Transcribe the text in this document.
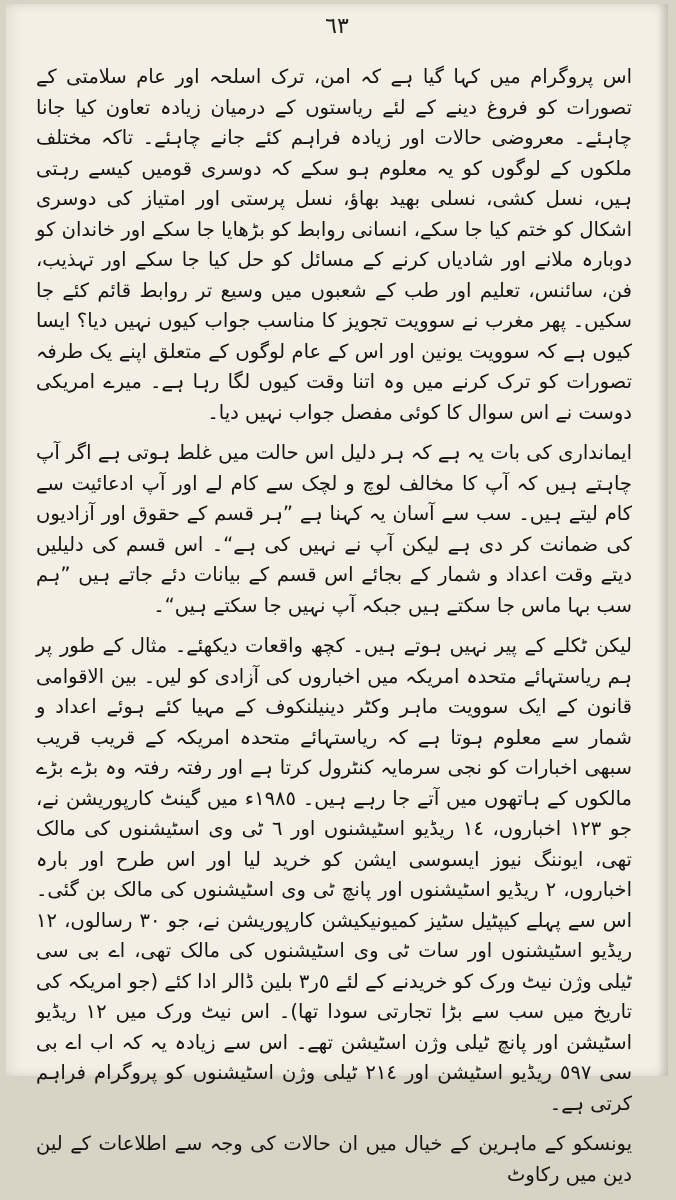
٦٣

اس پروگرام میں کہا گیا ہے کہ امن، ترک اسلحہ اور عام سلامتی کے تصورات کو فروغ دینے کے لئے ریاستوں کے درمیان زیادہ تعاون کیا جانا چاہئے۔ معروضی حالات اور زیادہ فراہم کئے جانے چاہئے۔ تاکہ مختلف ملکوں کے لوگوں کو یہ معلوم ہو سکے کہ دوسری قومیں کیسے رہتی ہیں، نسل کشی، نسلی بھید بھاؤ، نسل پرستی اور امتیاز کی دوسری اشکال کو ختم کیا جا سکے، انسانی روابط کو بڑھایا جا سکے اور خاندان کو دوبارہ ملانے اور شادیاں کرنے کے مسائل کو حل کیا جا سکے اور تہذیب، فن، سائنس، تعلیم اور طب کے شعبوں میں وسیع تر روابط قائم کئے جا سکیں۔ پھر مغرب نے سوویت تجویز کا مناسب جواب کیوں نہیں دیا؟ ایسا کیوں ہے کہ سوویت یونین اور اس کے عام لوگوں کے متعلق اپنے یک طرفہ تصورات کو ترک کرنے میں وہ اتنا وقت کیوں لگا رہا ہے۔ میرے امریکی دوست نے اس سوال کا کوئی مفصل جواب نہیں دیا۔

ایمانداری کی بات یہ ہے کہ ہر دلیل اس حالت میں غلط ہوتی ہے اگر آپ چاہتے ہیں کہ آپ کا مخالف لوچ و لچک سے کام لے اور آپ ادعائیت سے کام لیتے ہیں۔ سب سے آسان یہ کہنا ہے ”ہر قسم کے حقوق اور آزادیوں کی ضمانت کر دی ہے لیکن آپ نے نہیں کی ہے“۔ اس قسم کی دلیلیں دیتے وقت اعداد و شمار کے بجائے اس قسم کے بیانات دئے جاتے ہیں ”ہم سب بہا ماس جا سکتے ہیں جبکہ آپ نہیں جا سکتے ہیں“۔

لیکن ٹکلے کے پیر نہیں ہوتے ہیں۔ کچھ واقعات دیکھئے۔ مثال کے طور پر ہم ریاستہائے متحدہ امریکہ میں اخباروں کی آزادی کو لیں۔ بین الاقوامی قانون کے ایک سوویت ماہر وکٹر دینیلنکوف کے مہیا کئے ہوئے اعداد و شمار سے معلوم ہوتا ہے کہ ریاستہائے متحدہ امریکہ کے قریب قریب سبھی اخبارات کو نجی سرمایہ کنٹرول کرتا ہے اور رفتہ رفتہ وہ بڑے بڑے مالکوں کے ہاتھوں میں آتے جا رہے ہیں۔ ١٩٨٥ء میں گینٹ کارپوریشن نے، جو ١٢٣ اخباروں، ١٤ ریڈیو اسٹیشنوں اور ٦ ٹی وی اسٹیشنوں کی مالک تھی، ایوننگ نیوز ایسوسی ایشن کو خرید لیا اور اس طرح اور بارہ اخباروں، ٢ ریڈیو اسٹیشنوں اور پانچ ٹی وی اسٹیشنوں کی مالک بن گئی۔ اس سے پہلے کیپٹیل سٹیز کمیونیکیشن کارپوریشن نے، جو ٣٠ رسالوں، ١٢ ریڈیو اسٹیشنوں اور سات ٹی وی اسٹیشنوں کی مالک تھی، اے بی سی ٹیلی وژن نیٹ ورک کو خریدنے کے لئے ٥ر٣ بلین ڈالر ادا کئے (جو امریکہ کی تاریخ میں سب سے بڑا تجارتی سودا تھا)۔ اس نیٹ ورک میں ١٢ ریڈیو اسٹیشن اور پانچ ٹیلی وژن اسٹیشن تھے۔ اس سے زیادہ یہ کہ اب اے بی سی ٥٩٧ ریڈیو اسٹیشن اور ٢١٤ ٹیلی وژن اسٹیشنوں کو پروگرام فراہم کرتی ہے۔

یونسکو کے ماہرین کے خیال میں ان حالات کی وجہ سے اطلاعات کے لین دین میں رکاوٹ
